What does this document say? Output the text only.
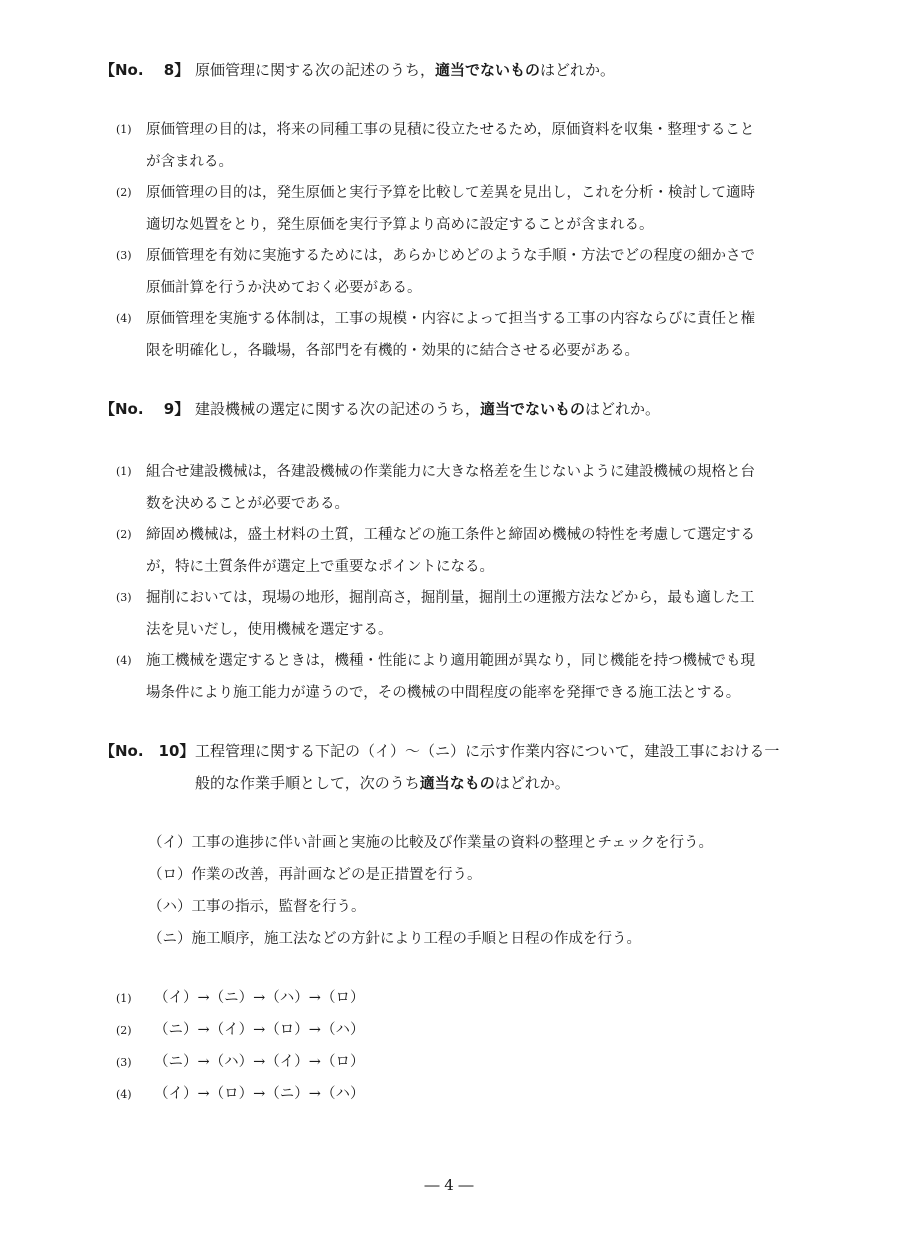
【No.　 8】 原価管理に関する次の記述のうち，適当でないものはどれか。
(1) 原価管理の目的は，将来の同種工事の見積に役立たせるため，原価資料を収集・整理すること
が含まれる。
(2) 原価管理の目的は，発生原価と実行予算を比較して差異を見出し，これを分析・検討して適時
適切な処置をとり，発生原価を実行予算より高めに設定することが含まれる。
(3) 原価管理を有効に実施するためには，あらかじめどのような手順・方法でどの程度の細かさで
原価計算を行うか決めておく必要がある。
(4) 原価管理を実施する体制は，工事の規模・内容によって担当する工事の内容ならびに責任と権
限を明確化し，各職場，各部門を有機的・効果的に結合させる必要がある。
【No.　 9】 建設機械の選定に関する次の記述のうち，適当でないものはどれか。
(1) 組合せ建設機械は，各建設機械の作業能力に大きな格差を生じないように建設機械の規格と台
数を決めることが必要である。
(2) 締固め機械は，盛土材料の土質，工種などの施工条件と締固め機械の特性を考慮して選定する
が，特に土質条件が選定上で重要なポイントになる。
(3) 掘削においては，現場の地形，掘削高さ，掘削量，掘削土の運搬方法などから，最も適した工
法を見いだし，使用機械を選定する。
(4) 施工機械を選定するときは，機種・性能により適用範囲が異なり，同じ機能を持つ機械でも現
場条件により施工能力が違うので，その機械の中間程度の能率を発揮できる施工法とする。
【No.　10】 工程管理に関する下記の（イ）～（ニ）に示す作業内容について，建設工事における一
般的な作業手順として，次のうち適当なものはどれか。
（イ）工事の進捗に伴い計画と実施の比較及び作業量の資料の整理とチェックを行う。
（ロ）作業の改善，再計画などの是正措置を行う。
（ハ）工事の指示，監督を行う。
（ニ）施工順序，施工法などの方針により工程の手順と日程の作成を行う。
(1) （イ）→（ニ）→（ハ）→（ロ）
(2) （ニ）→（イ）→（ロ）→（ハ）
(3) （ニ）→（ハ）→（イ）→（ロ）
(4) （イ）→（ロ）→（ニ）→（ハ）
― 4 ―
